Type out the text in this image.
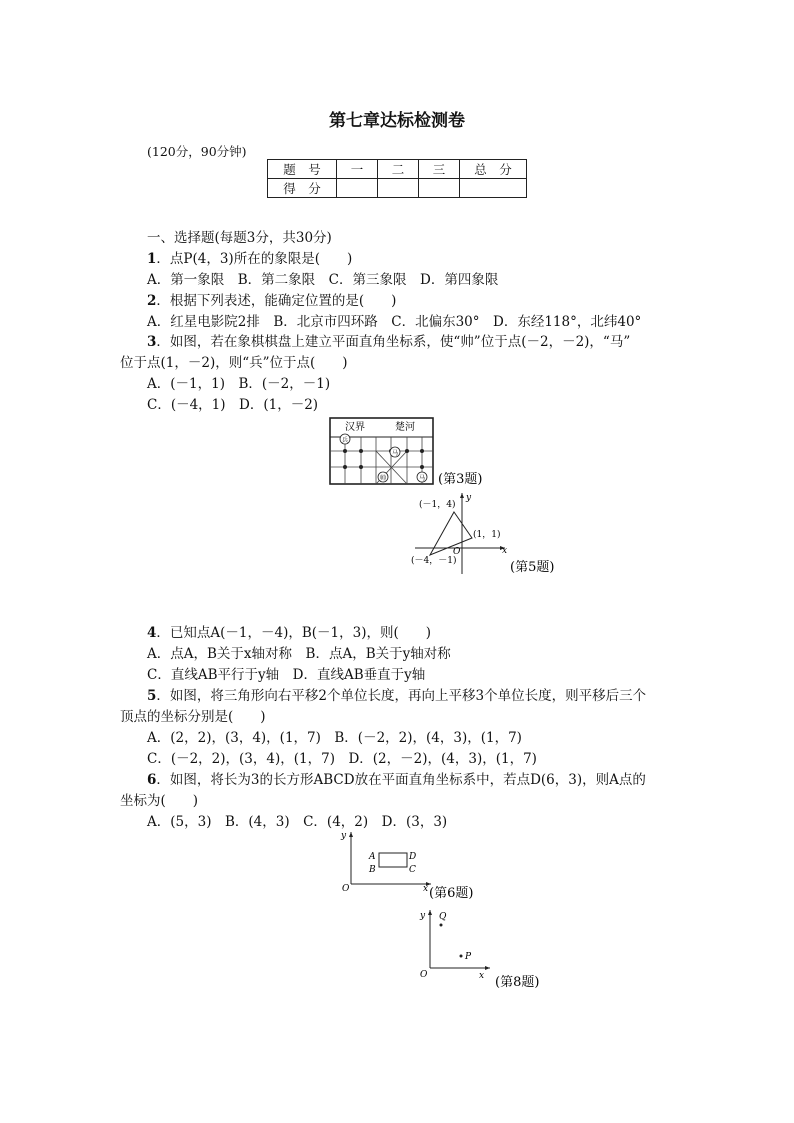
第七章达标检测卷
(120分，90分钟)
题　号	一	二	三	总　分
得　分				
一、选择题(每题3分，共30分)
1．点P(4，3)所在的象限是(　　)
A．第一象限　B．第二象限　C．第三象限　D．第四象限
2．根据下列表述，能确定位置的是(　　)
A．红星电影院2排　B．北京市四环路　C．北偏东30°　D．东经118°，北纬40°
3．如图，若在象棋棋盘上建立平面直角坐标系，使“帅”位于点(－2，－2)，“马”
位于点(1，－2)，则“兵”位于点(　　)
A．(－1，1)　B．(－2，－1)
C．(－4，1)　D．(1，－2)
汉界	楚河
兵
马
帅	马 (第3题)
(－1，4)
(1，1)
(－4，－1)
O	x
y
(第5题)
4．已知点A(－1，－4)，B(－1，3)，则(　　)
A．点A，B关于x轴对称　B．点A，B关于y轴对称
C．直线AB平行于y轴　D．直线AB垂直于y轴
5．如图，将三角形向右平移2个单位长度，再向上平移3个单位长度，则平移后三个
顶点的坐标分别是(　　)
A．(2，2)，(3，4)，(1，7)　B．(－2，2)，(4，3)，(1，7)
C．(－2，2)，(3，4)，(1，7)　D．(2，－2)，(4，3)，(1，7)
6．如图，将长为3的长方形ABCD放在平面直角坐标系中，若点D(6，3)，则A点的
坐标为(　　)
A．(5，3)　B．(4，3)　C．(4，2)　D．(3，3)
A
B	C
D
O	x
y
(第6题)
Q
P
O	x
y
(第8题)
